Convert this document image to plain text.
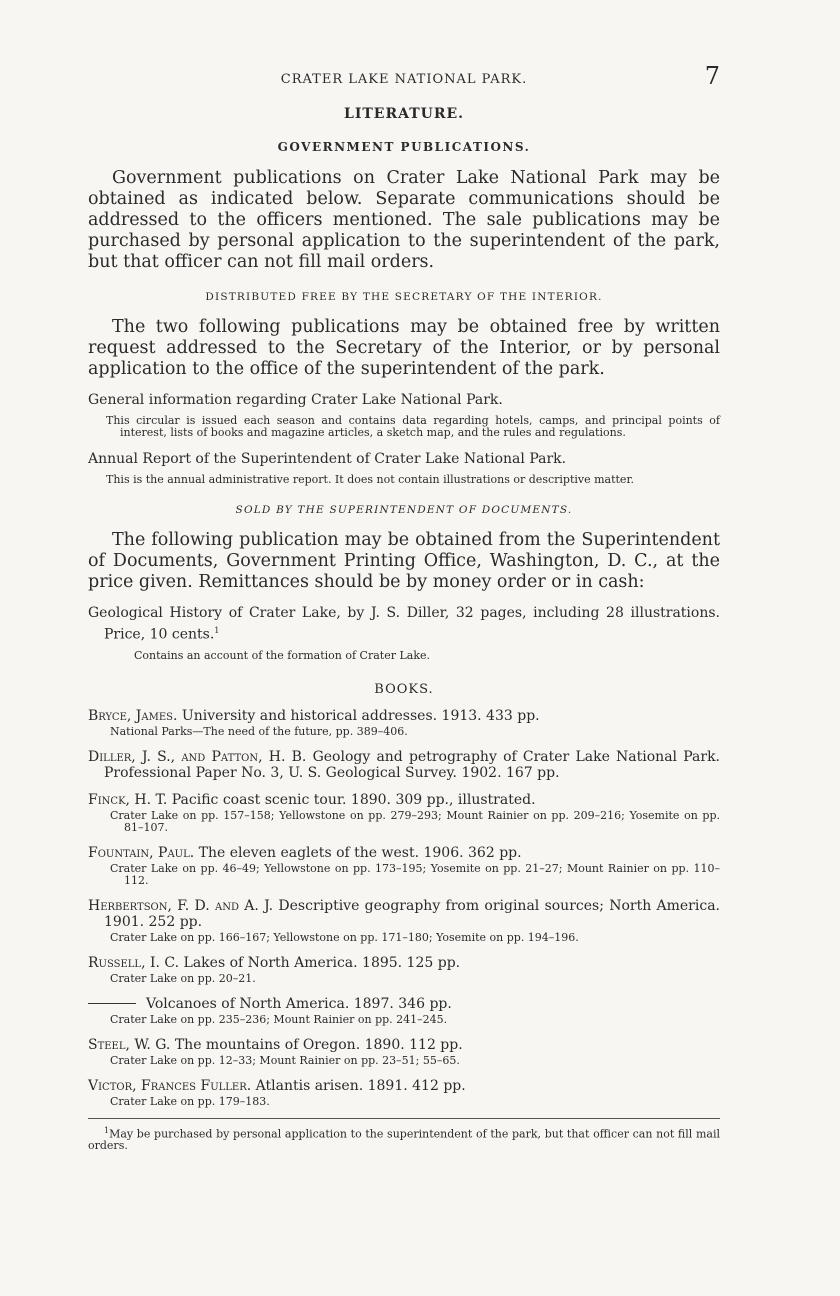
CRATER LAKE NATIONAL PARK.	7
LITERATURE.
GOVERNMENT PUBLICATIONS.

Government publications on Crater Lake National Park may be obtained as indicated below. Separate communications should be addressed to the officers mentioned. The sale publications may be purchased by personal application to the superintendent of the park, but that officer can not fill mail orders.

DISTRIBUTED FREE BY THE SECRETARY OF THE INTERIOR.

The two following publications may be obtained free by written request addressed to the Secretary of the Interior, or by personal application to the office of the superintendent of the park.

General information regarding Crater Lake National Park.
This circular is issued each season and contains data regarding hotels, camps, and principal points of interest, lists of books and magazine articles, a sketch map, and the rules and regulations.
Annual Report of the Superintendent of Crater Lake National Park.
This is the annual administrative report. It does not contain illustrations or descriptive matter.
SOLD BY THE SUPERINTENDENT OF DOCUMENTS.

The following publication may be obtained from the Superintendent of Documents, Government Printing Office, Washington, D. C., at the price given. Remittances should be by money order or in cash:

Geological History of Crater Lake, by J. S. Diller, 32 pages, including 28 illustrations. Price, 10 cents.$^1$
Contains an account of the formation of Crater Lake.
BOOKS.
Bryce, James. University and historical addresses. 1913. 433 pp.
National Parks—The need of the future, pp. 389–406.
Diller, J. S., and Patton, H. B. Geology and petrography of Crater Lake National Park. Professional Paper No. 3, U. S. Geological Survey. 1902. 167 pp.
Finck, H. T. Pacific coast scenic tour. 1890. 309 pp., illustrated.
Crater Lake on pp. 157–158; Yellowstone on pp. 279–293; Mount Rainier on pp. 209–216; Yosemite on pp. 81–107.
Fountain, Paul. The eleven eaglets of the west. 1906. 362 pp.
Crater Lake on pp. 46–49; Yellowstone on pp. 173–195; Yosemite on pp. 21–27; Mount Rainier on pp. 110–112.
Herbertson, F. D. and A. J. Descriptive geography from original sources; North America. 1901. 252 pp.
Crater Lake on pp. 166–167; Yellowstone on pp. 171–180; Yosemite on pp. 194–196.
Russell, I. C. Lakes of North America. 1895. 125 pp.
Crater Lake on pp. 20–21.
Volcanoes of North America. 1897. 346 pp.
Crater Lake on pp. 235–236; Mount Rainier on pp. 241–245.
Steel, W. G. The mountains of Oregon. 1890. 112 pp.
Crater Lake on pp. 12–33; Mount Rainier on pp. 23–51; 55–65.
Victor, Frances Fuller. Atlantis arisen. 1891. 412 pp.
Crater Lake on pp. 179–183.
$^1$May be purchased by personal application to the superintendent of the park, but that officer can not fill mail orders.
